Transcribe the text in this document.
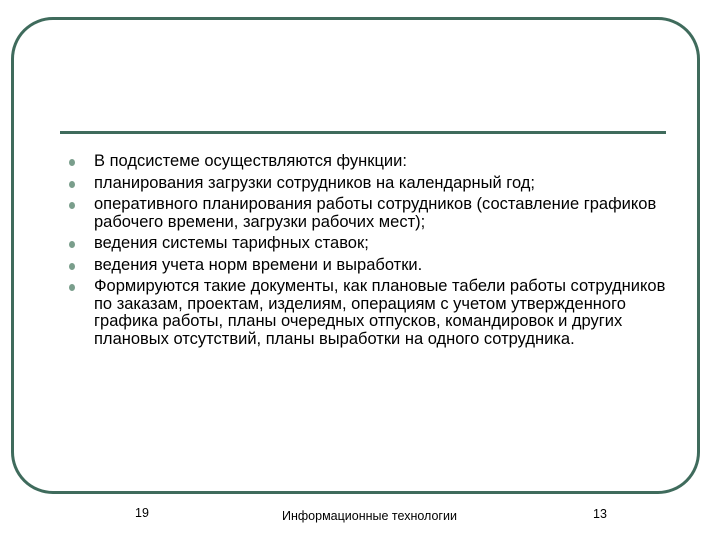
В подсистеме осуществляются функции:
планирования загрузки сотрудников на календарный год;
оперативного планирования работы сотрудников (составление графиков рабочего времени, загрузки рабочих мест);
ведения системы тарифных ставок;
ведения учета норм времени и выработки.
Формируются такие документы, как плановые табели работы сотрудников по заказам, проектам, изделиям, операциям с учетом утвержденного графика работы, планы очередных отпусков, командировок и других плановых отсутствий, планы выработки на одного сотрудника.
19	Информационные технологии	13
